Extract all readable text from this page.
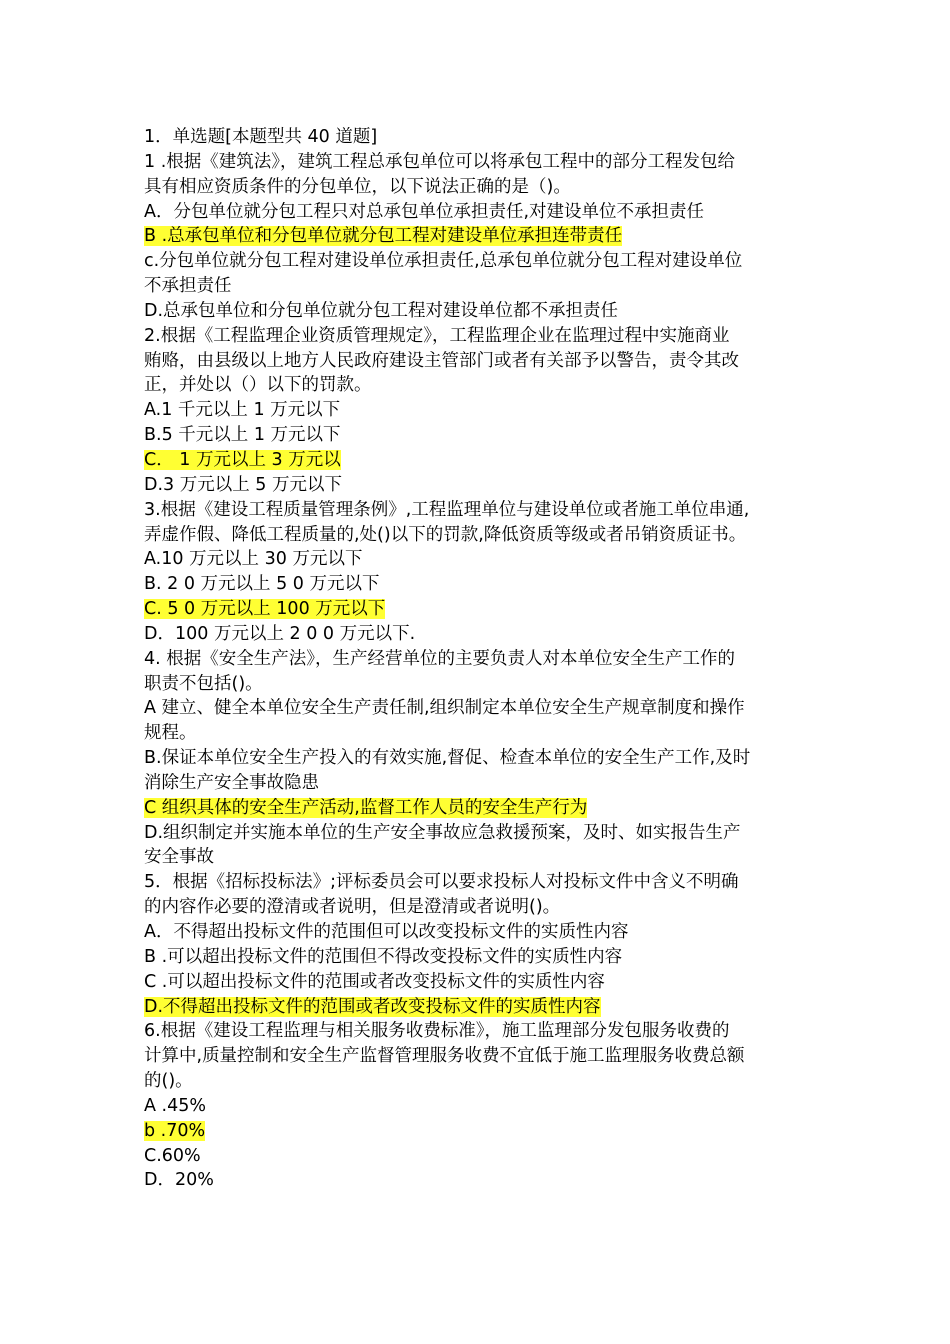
1．单选题[本题型共 40 道题]
1 .根据《建筑法》，建筑工程总承包单位可以将承包工程中的部分工程发包给
具有相应资质条件的分包单位，以下说法正确的是（)。
A．分包单位就分包工程只对总承包单位承担责任,对建设单位不承担责任
B .总承包单位和分包单位就分包工程对建设单位承担连带责任
c.分包单位就分包工程对建设单位承担责任,总承包单位就分包工程对建设单位
不承担责任
D.总承包单位和分包单位就分包工程对建设单位都不承担责任
2.根据《工程监理企业资质管理规定》，工程监理企业在监理过程中实施商业
贿赂，由县级以上地方人民政府建设主管部门或者有关部予以警告，责令其改
正，并处以（）以下的罚款。
A.1 千元以上 1 万元以下
B.5 千元以上 1 万元以下
C． 1 万元以上 3 万元以
D.3 万元以上 5 万元以下
3.根据《建设工程质量管理条例》,工程监理单位与建设单位或者施工单位串通,
弄虚作假、降低工程质量的,处()以下的罚款,降低资质等级或者吊销资质证书。
A.10 万元以上 30 万元以下
B. 2 0 万元以上 5 0 万元以下
C. 5 0 万元以上 100 万元以下
D．100 万元以上 2 0 0 万元以下.
4. 根据《安全生产法》，生产经营单位的主要负责人对本单位安全生产工作的
职责不包括()。
A 建立、健全本单位安全生产责任制,组织制定本单位安全生产规章制度和操作
规程。
B.保证本单位安全生产投入的有效实施,督促、检查本单位的安全生产工作,及时
消除生产安全事故隐患
C 组织具体的安全生产活动,监督工作人员的安全生产行为
D.组织制定并实施本单位的生产安全事故应急救援预案，及时、如实报告生产
安全事故
5．根据《招标投标法》;评标委员会可以要求投标人对投标文件中含义不明确
的内容作必要的澄清或者说明，但是澄清或者说明()。
A．不得超出投标文件的范围但可以改变投标文件的实质性内容
B .可以超出投标文件的范围但不得改变投标文件的实质性内容
C .可以超出投标文件的范围或者改变投标文件的实质性内容
D.不得超出投标文件的范围或者改变投标文件的实质性内容
6.根据《建设工程监理与相关服务收费标准》，施工监理部分发包服务收费的
计算中,质量控制和安全生产监督管理服务收费不宜低于施工监理服务收费总额
的()。
A .45%
b .70%
C.60%
D．20%
